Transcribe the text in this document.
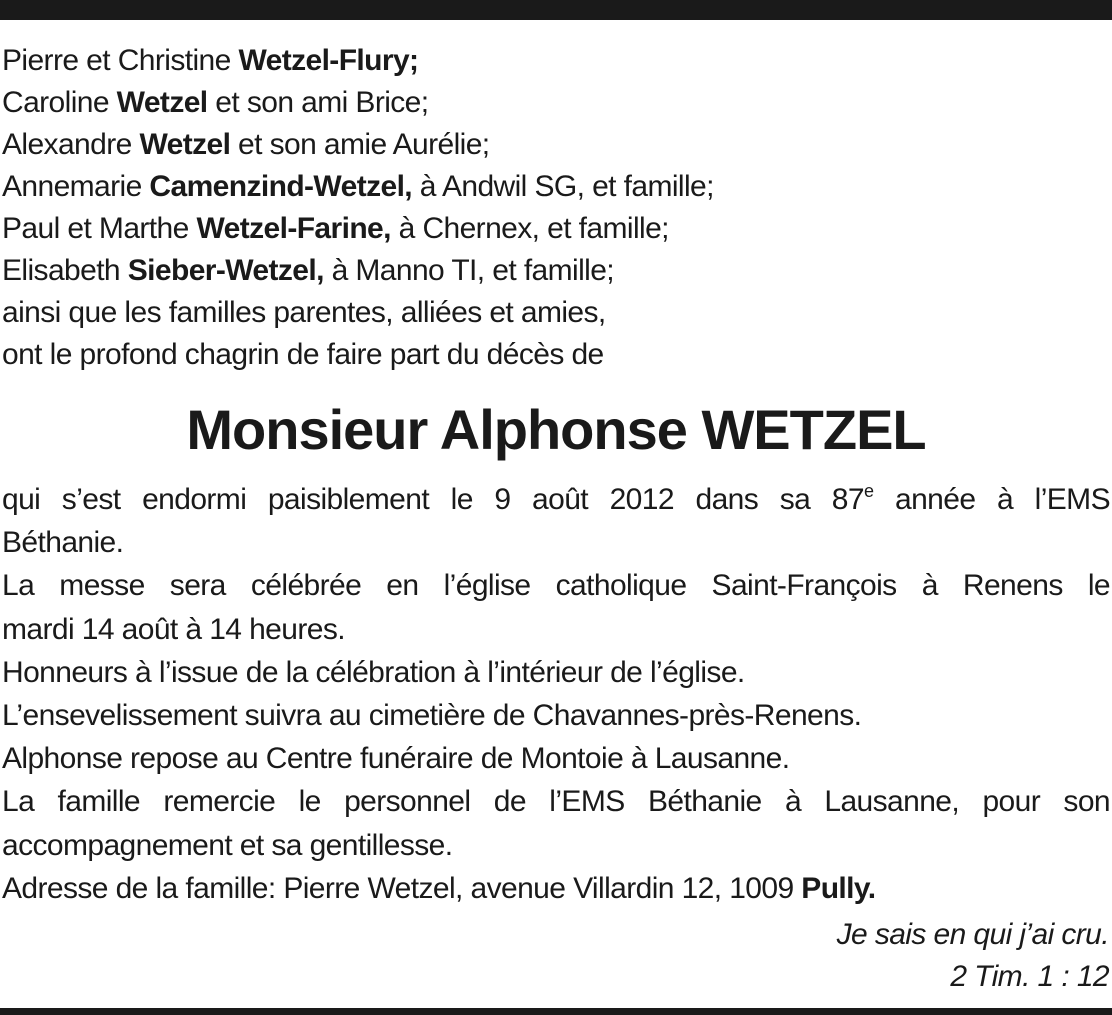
Pierre et Christine Wetzel-Flury;
Caroline Wetzel et son ami Brice;
Alexandre Wetzel et son amie Aurélie;
Annemarie Camenzind-Wetzel, à Andwil SG, et famille;
Paul et Marthe Wetzel-Farine, à Chernex, et famille;
Elisabeth Sieber-Wetzel, à Manno TI, et famille;
ainsi que les familles parentes, alliées et amies,
ont le profond chagrin de faire part du décès de
Monsieur Alphonse WETZEL
qui s’est endormi paisiblement le 9 août 2012 dans sa 87e année à l’EMS
Béthanie.
La messe sera célébrée en l’église catholique Saint-François à Renens le
mardi 14 août à 14 heures.
Honneurs à l’issue de la célébration à l’intérieur de l’église.
L’ensevelissement suivra au cimetière de Chavannes-près-Renens.
Alphonse repose au Centre funéraire de Montoie à Lausanne.
La famille remercie le personnel de l’EMS Béthanie à Lausanne, pour son
accompagnement et sa gentillesse.
Adresse de la famille: Pierre Wetzel, avenue Villardin 12, 1009 Pully.
Je sais en qui j’ai cru.
2 Tim. 1 : 12
